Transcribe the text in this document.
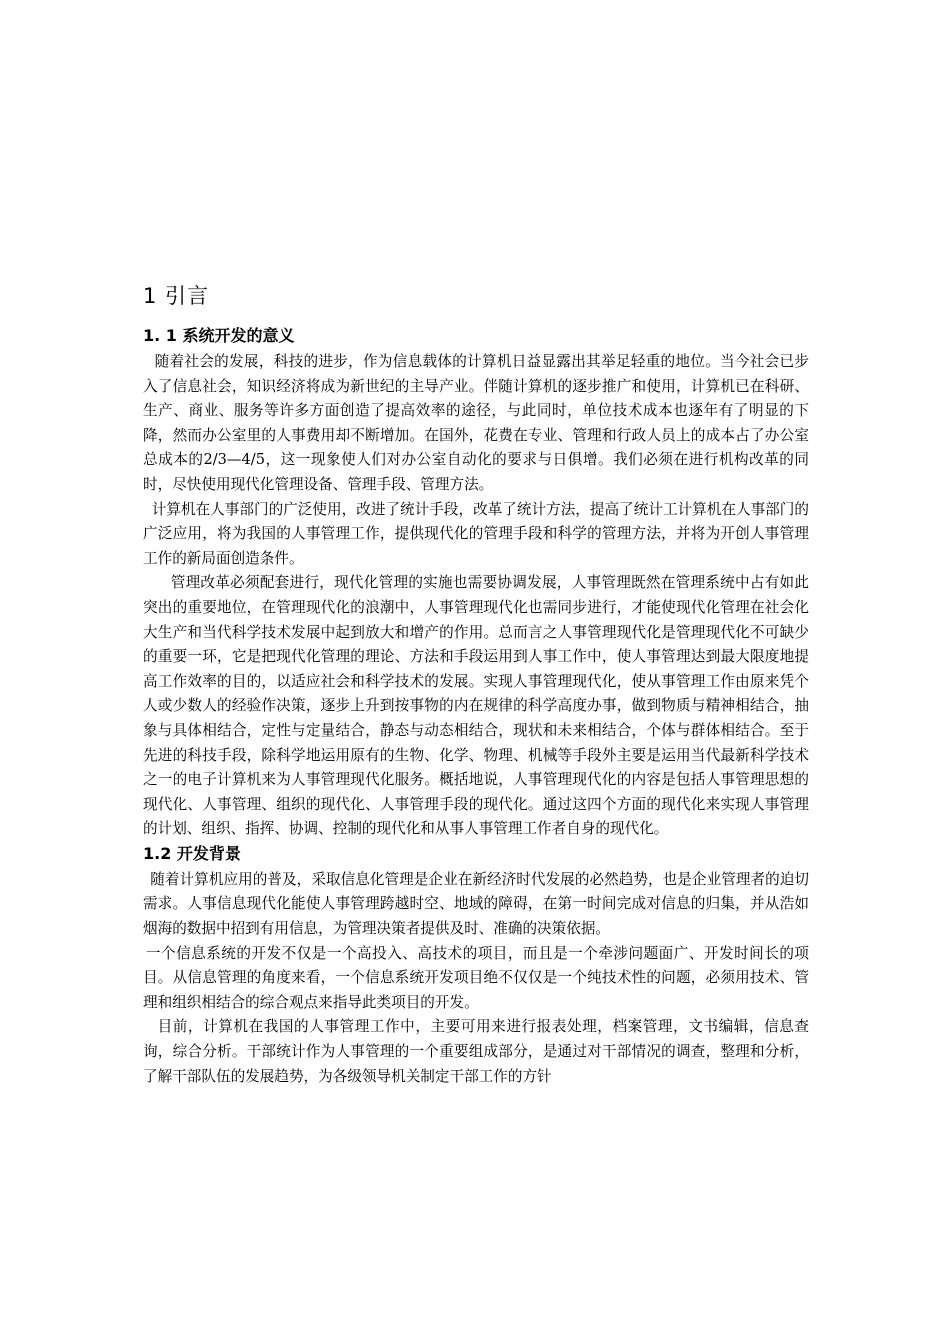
1 引言
1. 1 系统开发的意义

随着社会的发展，科技的进步，作为信息载体的计算机日益显露出其举足轻重的地位。当今社会已步入了信息社会，知识经济将成为新世纪的主导产业。伴随计算机的逐步推广和使用，计算机已在科研、生产、商业、服务等许多方面创造了提高效率的途径，与此同时，单位技术成本也逐年有了明显的下降，然而办公室里的人事费用却不断增加。在国外，花费在专业、管理和行政人员上的成本占了办公室总成本的2/3—4/5，这一现象使人们对办公室自动化的要求与日俱增。我们必须在进行机构改革的同时，尽快使用现代化管理设备、管理手段、管理方法。

计算机在人事部门的广泛使用，改进了统计手段，改革了统计方法，提高了统计工计算机在人事部门的广泛应用，将为我国的人事管理工作，提供现代化的管理手段和科学的管理方法，并将为开创人事管理工作的新局面创造条件。

管理改革必须配套进行，现代化管理的实施也需要协调发展，人事管理既然在管理系统中占有如此突出的重要地位，在管理现代化的浪潮中，人事管理现代化也需同步进行，才能使现代化管理在社会化大生产和当代科学技术发展中起到放大和增产的作用。总而言之人事管理现代化是管理现代化不可缺少的重要一环，它是把现代化管理的理论、方法和手段运用到人事工作中，使人事管理达到最大限度地提高工作效率的目的，以适应社会和科学技术的发展。实现人事管理现代化，使从事管理工作由原来凭个人或少数人的经验作决策，逐步上升到按事物的内在规律的科学高度办事，做到物质与精神相结合，抽象与具体相结合，定性与定量结合，静态与动态相结合，现状和未来相结合，个体与群体相结合。至于先进的科技手段，除科学地运用原有的生物、化学、物理、机械等手段外主要是运用当代最新科学技术之一的电子计算机来为人事管理现代化服务。概括地说，人事管理现代化的内容是包括人事管理思想的现代化、人事管理、组织的现代化、人事管理手段的现代化。通过这四个方面的现代化来实现人事管理的计划、组织、指挥、协调、控制的现代化和从事人事管理工作者自身的现代化。

1.2 开发背景

随着计算机应用的普及，采取信息化管理是企业在新经济时代发展的必然趋势，也是企业管理者的迫切需求。人事信息现代化能使人事管理跨越时空、地域的障碍，在第一时间完成对信息的归集，并从浩如烟海的数据中招到有用信息，为管理决策者提供及时、准确的决策依据。

一个信息系统的开发不仅是一个高投入、高技术的项目，而且是一个牵涉问题面广、开发时间长的项目。从信息管理的角度来看，一个信息系统开发项目绝不仅仅是一个纯技术性的问题，必须用技术、管理和组织相结合的综合观点来指导此类项目的开发。

目前，计算机在我国的人事管理工作中，主要可用来进行报表处理，档案管理，文书编辑，信息查询，综合分析。干部统计作为人事管理的一个重要组成部分，是通过对干部情况的调查，整理和分析，了解干部队伍的发展趋势，为各级领导机关制定干部工作的方针
